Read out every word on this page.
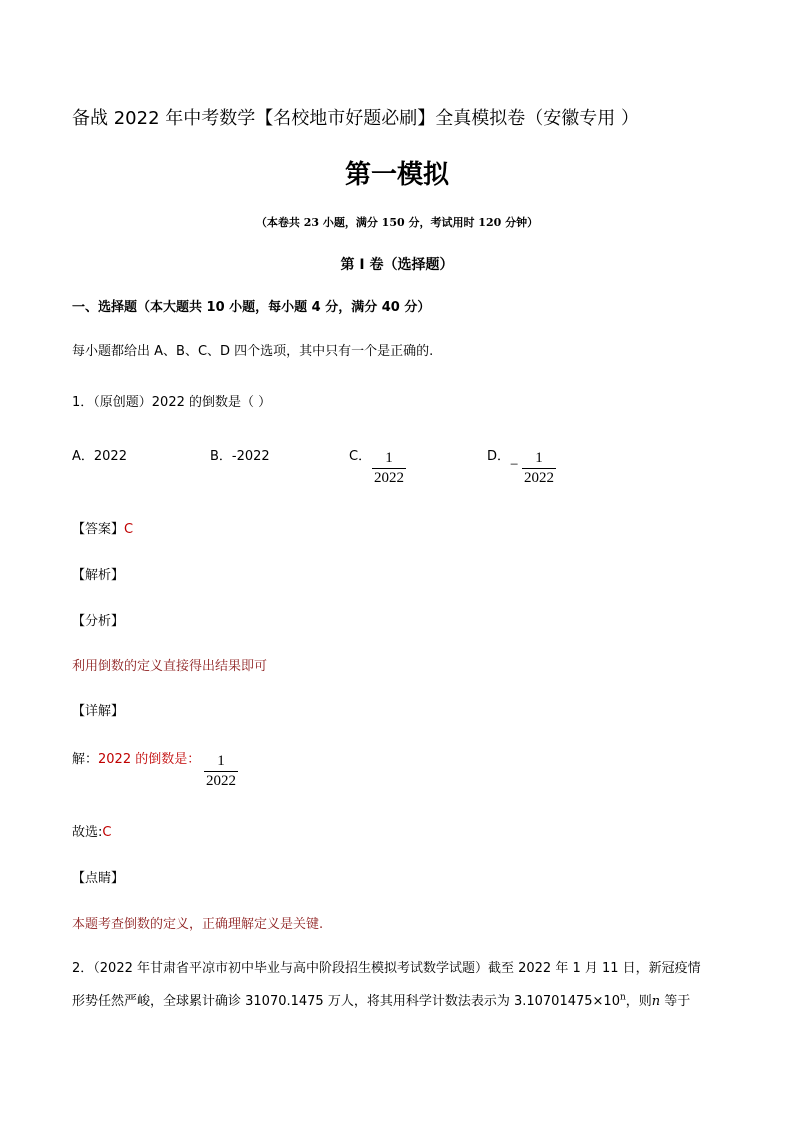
备战 2022 年中考数学【名校地市好题必刷】全真模拟卷（安徽专用 ）
第一模拟
（本卷共 23 小题，满分 150 分，考试用时 120 分钟）
第 I 卷（选择题）
一、选择题（本大题共 10 小题，每小题 4 分，满分 40 分）
每小题都给出 A、B、C、D 四个选项，其中只有一个是正确的.
1．（原创题）2022 的倒数是（ ）
A．2022	B．-2022	C． 1
2022
D．
− 1
2022
【答案】C
【解析】
【分析】
利用倒数的定义直接得出结果即可
【详解】
解：2022 的倒数是： 1
2022
故选:C
【点睛】
本题考查倒数的定义，正确理解定义是关键.
2．（2022 年甘肃省平凉市初中毕业与高中阶段招生模拟考试数学试题）截至 2022 年 1 月 11 日，新冠疫情
形势任然严峻，全球累计确诊 31070.1475 万人，将其用科学计数法表示为 $3.10701475\times 10^n$，则n 等于
